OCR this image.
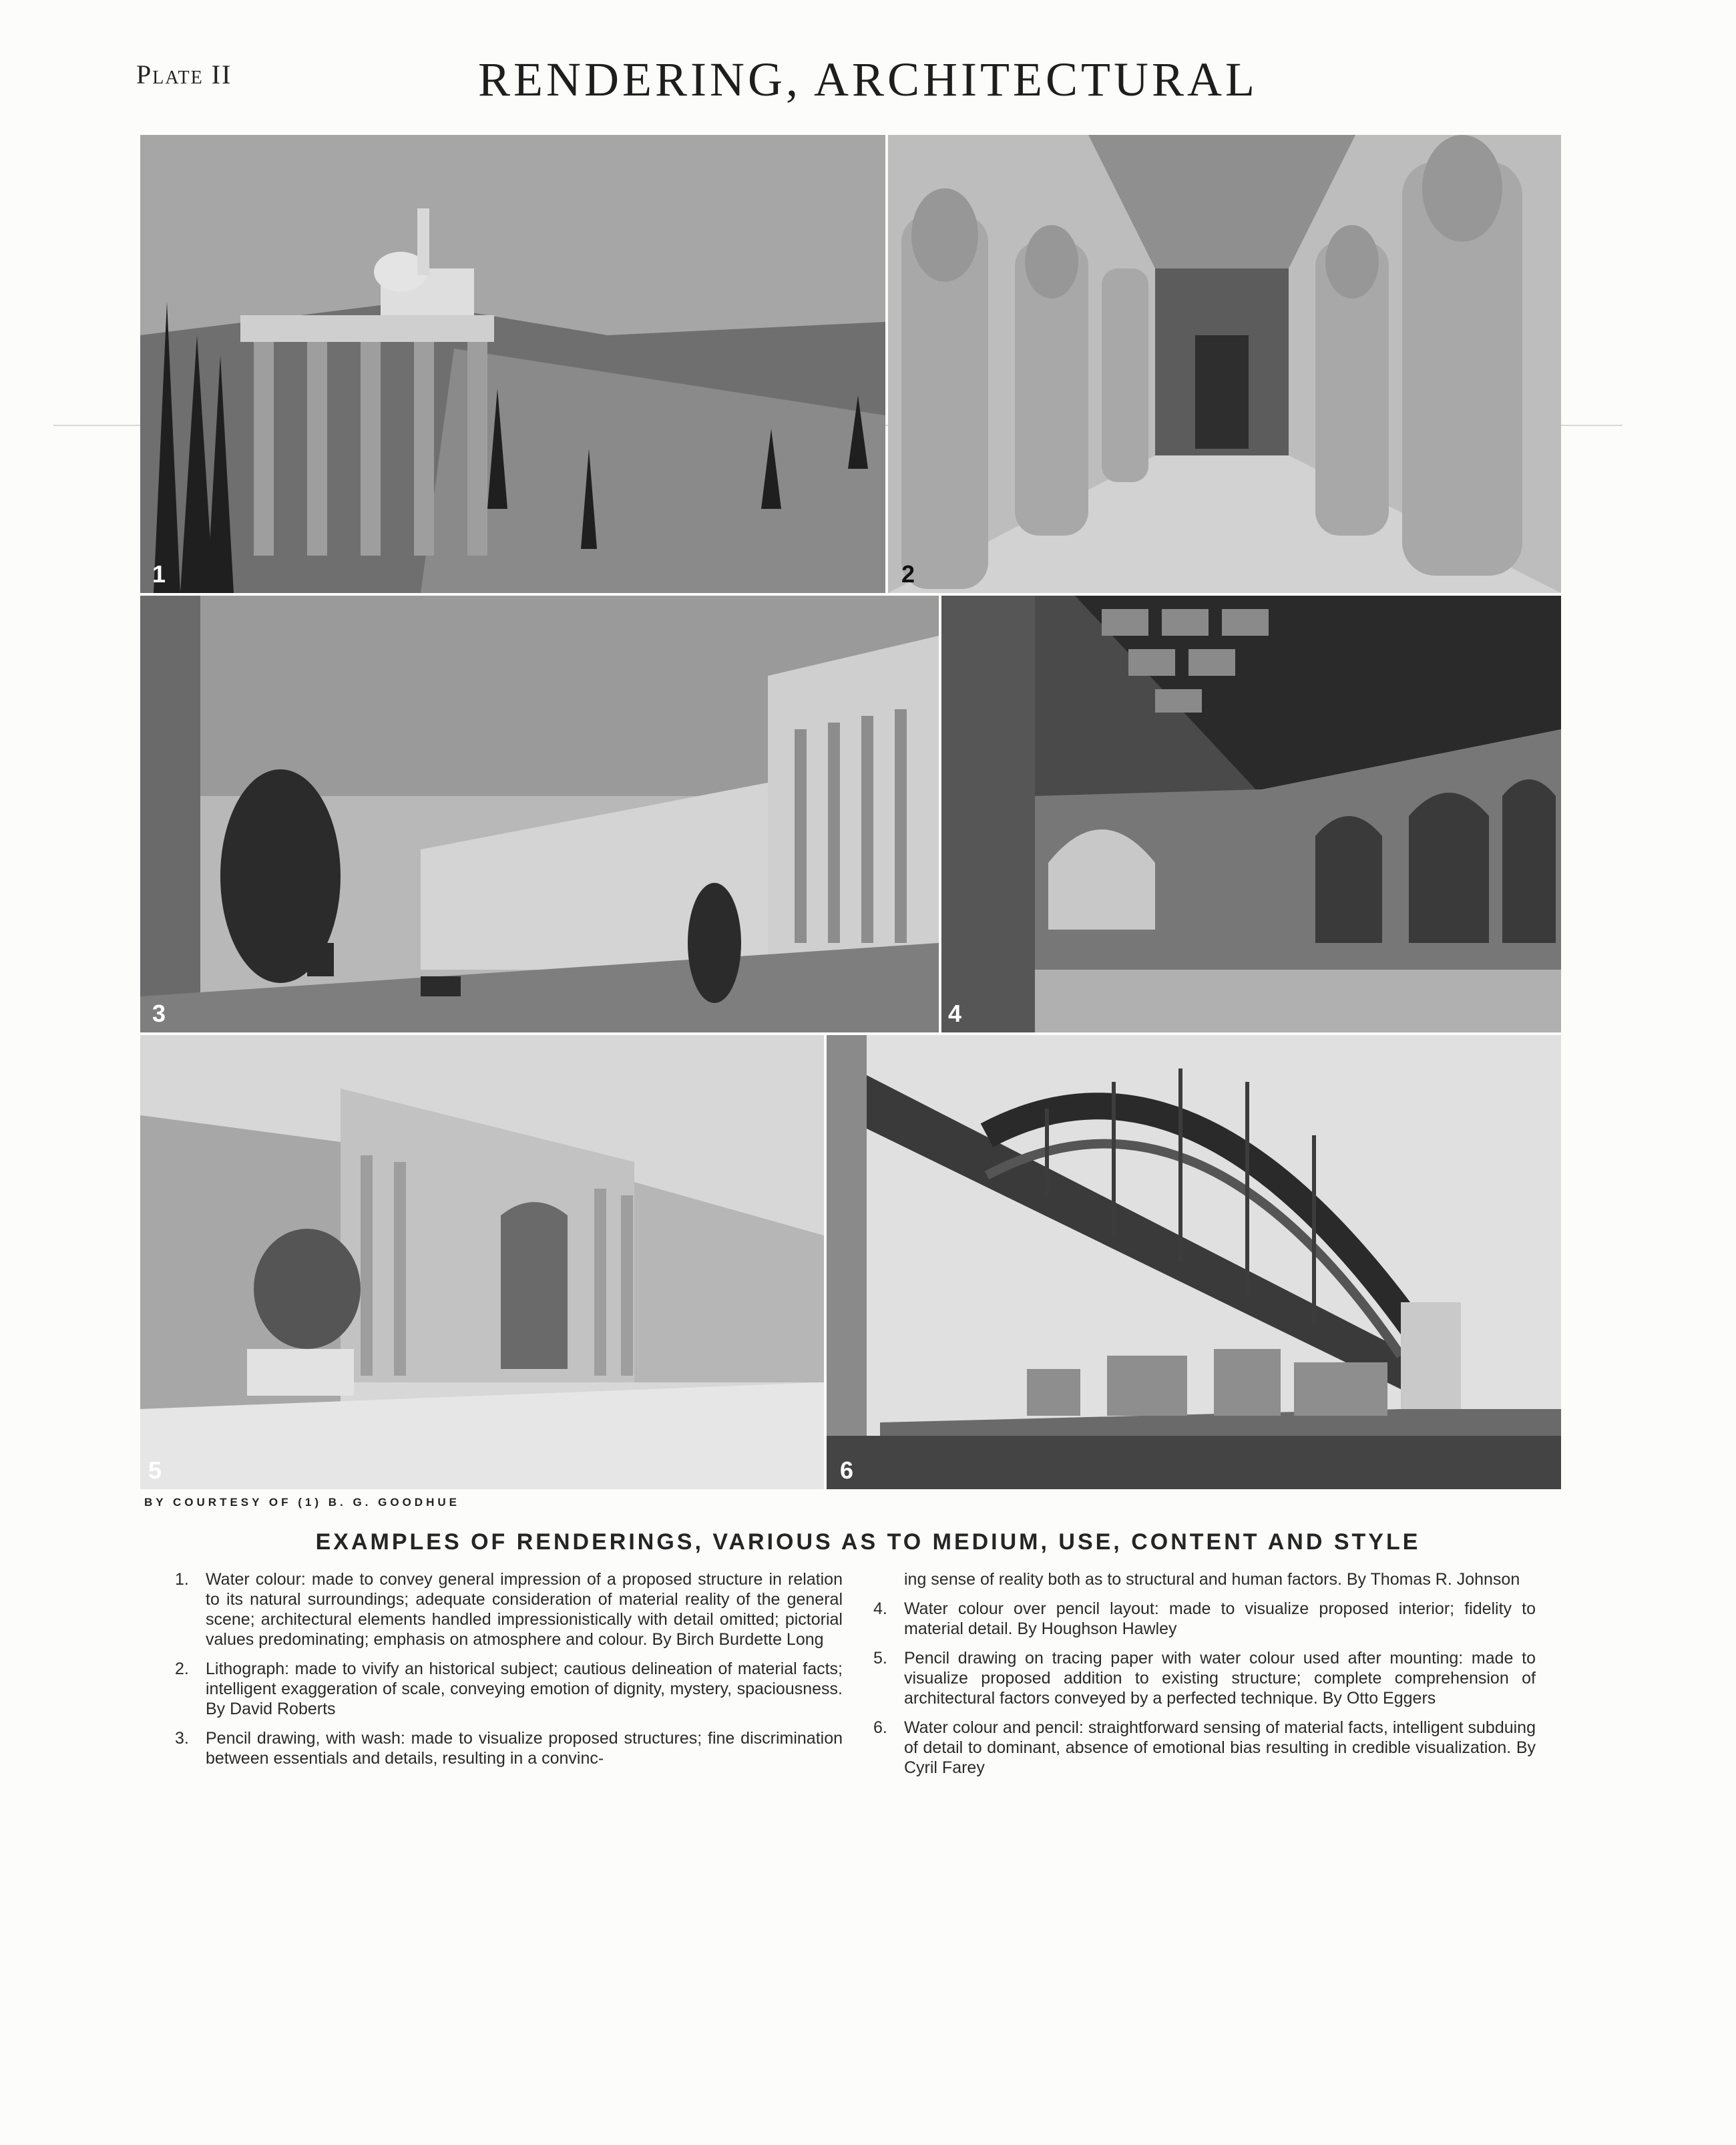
Plate II	RENDERING, ARCHITECTURAL
1	2
3	4
5	6
BY COURTESY OF (1) B. G. GOODHUE
EXAMPLES OF RENDERINGS, VARIOUS AS TO MEDIUM, USE, CONTENT AND STYLE
1. Water colour: made to convey general impression of a proposed structure in relation to its natural surroundings; adequate consideration of material reality of the general scene; architectural elements handled impressionistically with detail omitted; pictorial values predominating; emphasis on atmosphere and colour. By Birch Burdette Long
2. Lithograph: made to vivify an historical subject; cautious delineation of material facts; intelligent exaggeration of scale, conveying emotion of dignity, mystery, spaciousness. By David Roberts
3. Pencil drawing, with wash: made to visualize proposed structures; fine discrimination between essentials and details, resulting in a convinc-
ing sense of reality both as to structural and human factors. By Thomas R. Johnson
4. Water colour over pencil layout: made to visualize proposed interior; fidelity to material detail. By Houghson Hawley
5. Pencil drawing on tracing paper with water colour used after mounting: made to visualize proposed addition to existing structure; complete comprehension of architectural factors conveyed by a perfected technique. By Otto Eggers
6. Water colour and pencil: straightforward sensing of material facts, intelligent subduing of detail to dominant, absence of emotional bias resulting in credible visualization. By Cyril Farey
